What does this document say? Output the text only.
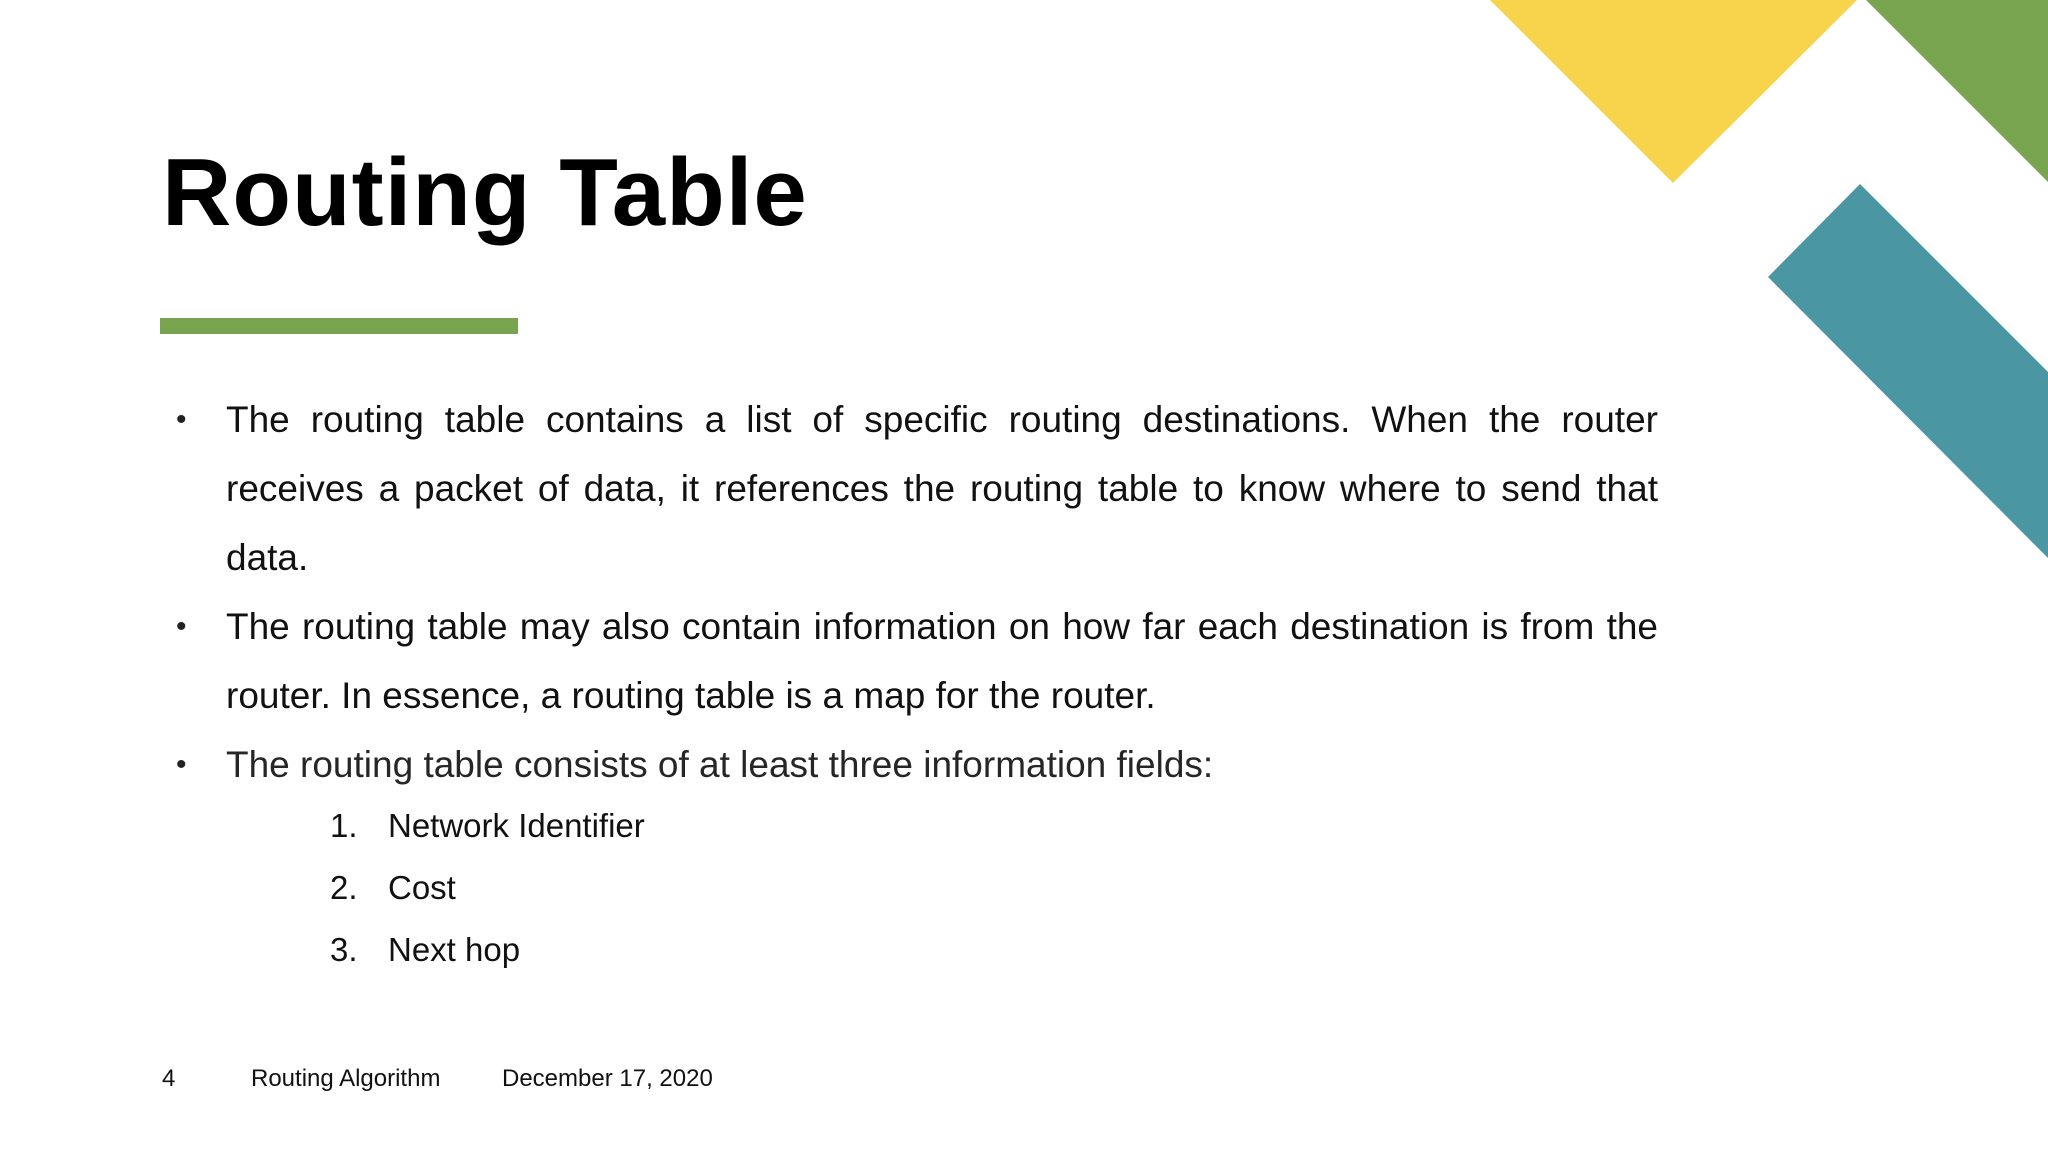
Routing Table
• The routing table contains a list of specific routing destinations. When the router receives a packet of data, it references the routing table to know where to send that data.
• The routing table may also contain information on how far each destination is from the router. In essence, a routing table is a map for the router.
• The routing table consists of at least three information fields:
1. Network Identifier
2. Cost
3. Next hop
4	Routing Algorithm	December 17, 2020
